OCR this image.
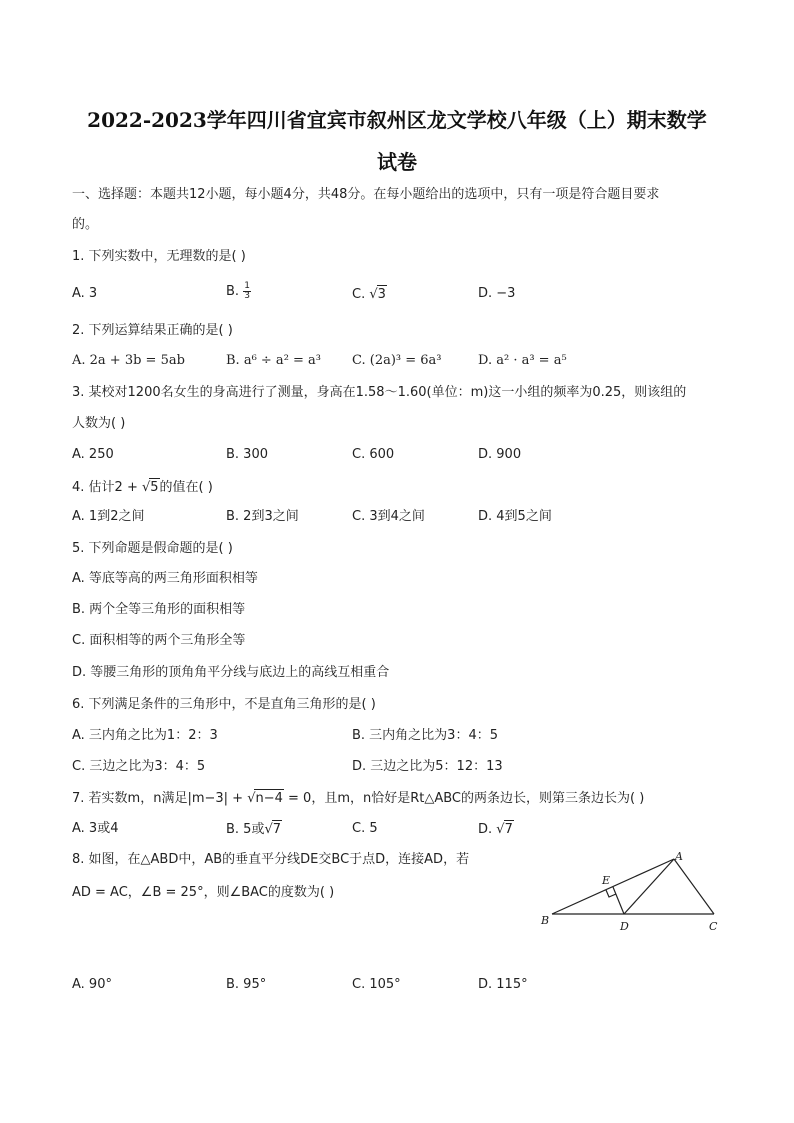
2022-2023学年四川省宜宾市叙州区龙文学校八年级（上）期末数学
试卷
一、选择题：本题共12小题，每小题4分，共48分。在每小题给出的选项中，只有一项是符合题目要求
的。
1. 下列实数中，无理数的是( )
A. 3	B. $\frac{1}{3}$	C. √3	D. −3
2. 下列运算结果正确的是( )
A. 2a + 3b = 5ab	B. a⁶ ÷ a² = a³ C. (2a)³ = 6a³	D. a² · a³ = a⁵
3. 某校对1200名女生的身高进行了测量，身高在1.58～1.60(单位：m)这一小组的频率为0.25，则该组的
人数为( )
A. 250	B. 300	C. 600	D. 900
4. 估计2 + √5的值在( )
A. 1到2之间	B. 2到3之间	C. 3到4之间	D. 4到5之间
5. 下列命题是假命题的是( )
A. 等底等高的两三角形面积相等
B. 两个全等三角形的面积相等
C. 面积相等的两个三角形全等
D. 等腰三角形的顶角角平分线与底边上的高线互相重合
6. 下列满足条件的三角形中，不是直角三角形的是( )
A. 三内角之比为1：2：3	B. 三内角之比为3：4：5
C. 三边之比为3：4：5	D. 三边之比为5：12：13
7. 若实数m，n满足|m−3| + √n−4 = 0，且m，n恰好是Rt△ABC的两条边长，则第三条边长为( )
A. 3或4	B. 5或√7	C. 5	D. √7
8. 如图，在△ABD中，AB的垂直平分线DE交BC于点D，连接AD，若
AD = AC，∠B = 25°，则∠BAC的度数为( )
A
B	C
D
E
A. 90°	B. 95°	C. 105°	D. 115°
